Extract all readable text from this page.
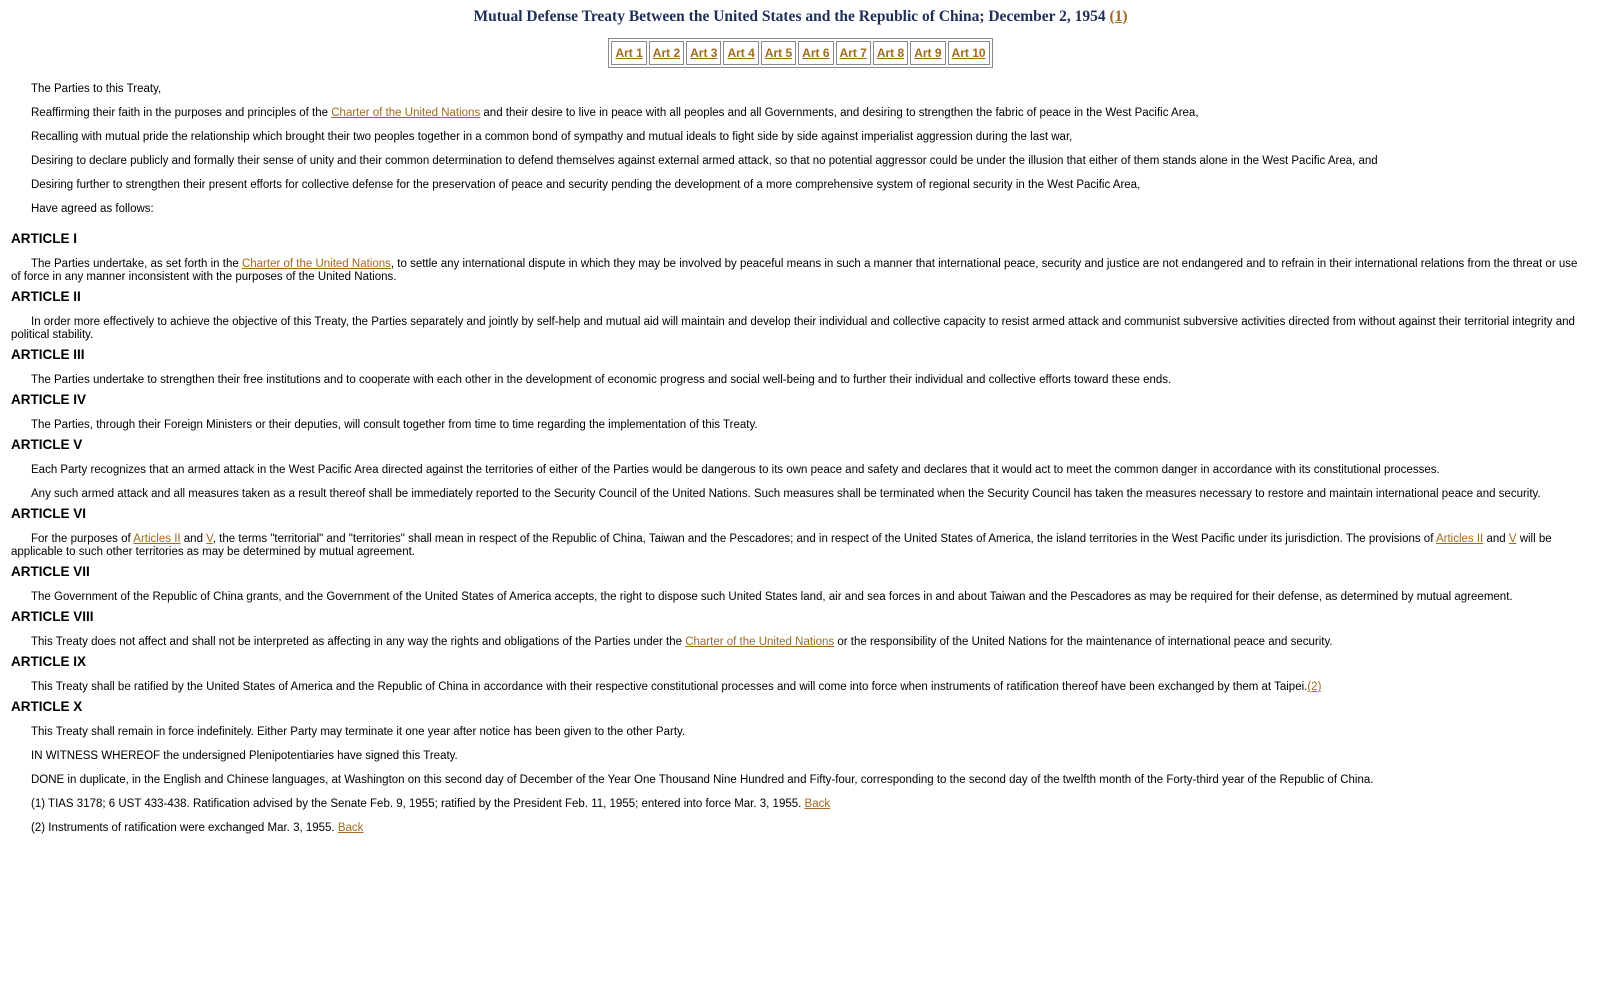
Mutual Defense Treaty Between the United States and the Republic of China; December 2, 1954 (1)
Art 1	Art 2	Art 3	Art 4	Art 5	Art 6	Art 7	Art 8	Art 9	Art 10

The Parties to this Treaty,

Reaffirming their faith in the purposes and principles of the Charter of the United Nations and their desire to live in peace with all peoples and all Governments, and desiring to strengthen the fabric of peace in the West Pacific Area,

Recalling with mutual pride the relationship which brought their two peoples together in a common bond of sympathy and mutual ideals to fight side by side against imperialist aggression during the last war,

Desiring to declare publicly and formally their sense of unity and their common determination to defend themselves against external armed attack, so that no potential aggressor could be under the illusion that either of them stands alone in the West Pacific Area, and

Desiring further to strengthen their present efforts for collective defense for the preservation of peace and security pending the development of a more comprehensive system of regional security in the West Pacific Area,

Have agreed as follows:

ARTICLE I

The Parties undertake, as set forth in the Charter of the United Nations, to settle any international dispute in which they may be involved by peaceful means in such a manner that international peace, security and justice are not endangered and to refrain in their international relations from the threat or use of force in any manner inconsistent with the purposes of the United Nations.

ARTICLE II

In order more effectively to achieve the objective of this Treaty, the Parties separately and jointly by self-help and mutual aid will maintain and develop their individual and collective capacity to resist armed attack and communist subversive activities directed from without against their territorial integrity and political stability.

ARTICLE III

The Parties undertake to strengthen their free institutions and to cooperate with each other in the development of economic progress and social well-being and to further their individual and collective efforts toward these ends.

ARTICLE IV

The Parties, through their Foreign Ministers or their deputies, will consult together from time to time regarding the implementation of this Treaty.

ARTICLE V

Each Party recognizes that an armed attack in the West Pacific Area directed against the territories of either of the Parties would be dangerous to its own peace and safety and declares that it would act to meet the common danger in accordance with its constitutional processes.

Any such armed attack and all measures taken as a result thereof shall be immediately reported to the Security Council of the United Nations. Such measures shall be terminated when the Security Council has taken the measures necessary to restore and maintain international peace and security.

ARTICLE VI

For the purposes of Articles II and V, the terms "territorial" and "territories" shall mean in respect of the Republic of China, Taiwan and the Pescadores; and in respect of the United States of America, the island territories in the West Pacific under its jurisdiction. The provisions of Articles II and V will be applicable to such other territories as may be determined by mutual agreement.

ARTICLE VII

The Government of the Republic of China grants, and the Government of the United States of America accepts, the right to dispose such United States land, air and sea forces in and about Taiwan and the Pescadores as may be required for their defense, as determined by mutual agreement.

ARTICLE VIII

This Treaty does not affect and shall not be interpreted as affecting in any way the rights and obligations of the Parties under the Charter of the United Nations or the responsibility of the United Nations for the maintenance of international peace and security.

ARTICLE IX

This Treaty shall be ratified by the United States of America and the Republic of China in accordance with their respective constitutional processes and will come into force when instruments of ratification thereof have been exchanged by them at Taipei.(2)

ARTICLE X

This Treaty shall remain in force indefinitely. Either Party may terminate it one year after notice has been given to the other Party.

IN WITNESS WHEREOF the undersigned Plenipotentiaries have signed this Treaty.

DONE in duplicate, in the English and Chinese languages, at Washington on this second day of December of the Year One Thousand Nine Hundred and Fifty-four, corresponding to the second day of the twelfth month of the Forty-third year of the Republic of China.

(1) TIAS 3178; 6 UST 433-438. Ratification advised by the Senate Feb. 9, 1955; ratified by the President Feb. 11, 1955; entered into force Mar. 3, 1955. Back

(2) Instruments of ratification were exchanged Mar. 3, 1955. Back
